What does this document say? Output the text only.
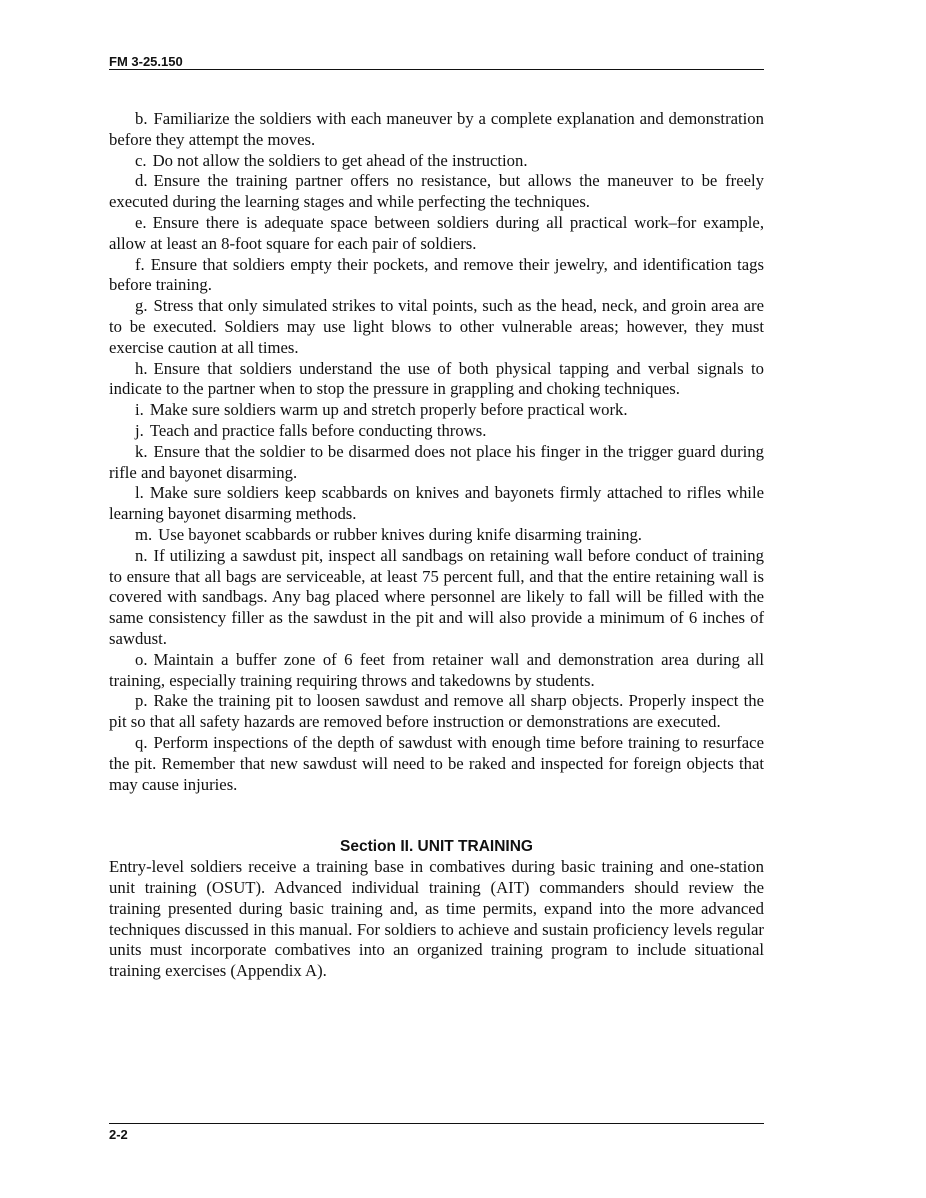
FM 3-25.150

b. Familiarize the soldiers with each maneuver by a complete explanation and demonstration before they attempt the moves.

c. Do not allow the soldiers to get ahead of the instruction.

d. Ensure the training partner offers no resistance, but allows the maneuver to be freely executed during the learning stages and while perfecting the techniques.

e. Ensure there is adequate space between soldiers during all practical work–for example, allow at least an 8-foot square for each pair of soldiers.

f. Ensure that soldiers empty their pockets, and remove their jewelry, and identification tags before training.

g. Stress that only simulated strikes to vital points, such as the head, neck, and groin area are to be executed. Soldiers may use light blows to other vulnerable areas; however, they must exercise caution at all times.

h. Ensure that soldiers understand the use of both physical tapping and verbal signals to indicate to the partner when to stop the pressure in grappling and choking techniques.

i. Make sure soldiers warm up and stretch properly before practical work.

j. Teach and practice falls before conducting throws.

k. Ensure that the soldier to be disarmed does not place his finger in the trigger guard during rifle and bayonet disarming.

l. Make sure soldiers keep scabbards on knives and bayonets firmly attached to rifles while learning bayonet disarming methods.

m. Use bayonet scabbards or rubber knives during knife disarming training.

n. If utilizing a sawdust pit, inspect all sandbags on retaining wall before conduct of training to ensure that all bags are serviceable, at least 75 percent full, and that the entire retaining wall is covered with sandbags. Any bag placed where personnel are likely to fall will be filled with the same consistency filler as the sawdust in the pit and will also provide a minimum of 6 inches of sawdust.

o. Maintain a buffer zone of 6 feet from retainer wall and demonstration area during all training, especially training requiring throws and takedowns by students.

p. Rake the training pit to loosen sawdust and remove all sharp objects. Properly inspect the pit so that all safety hazards are removed before instruction or demonstrations are executed.

q. Perform inspections of the depth of sawdust with enough time before training to resurface the pit. Remember that new sawdust will need to be raked and inspected for foreign objects that may cause injuries.

Section II. UNIT TRAINING

Entry-level soldiers receive a training base in combatives during basic training and one-station unit training (OSUT). Advanced individual training (AIT) commanders should review the training presented during basic training and, as time permits, expand into the more advanced techniques discussed in this manual. For soldiers to achieve and sustain proficiency levels regular units must incorporate combatives into an organized training program to include situational training exercises (Appendix A).

2-2
